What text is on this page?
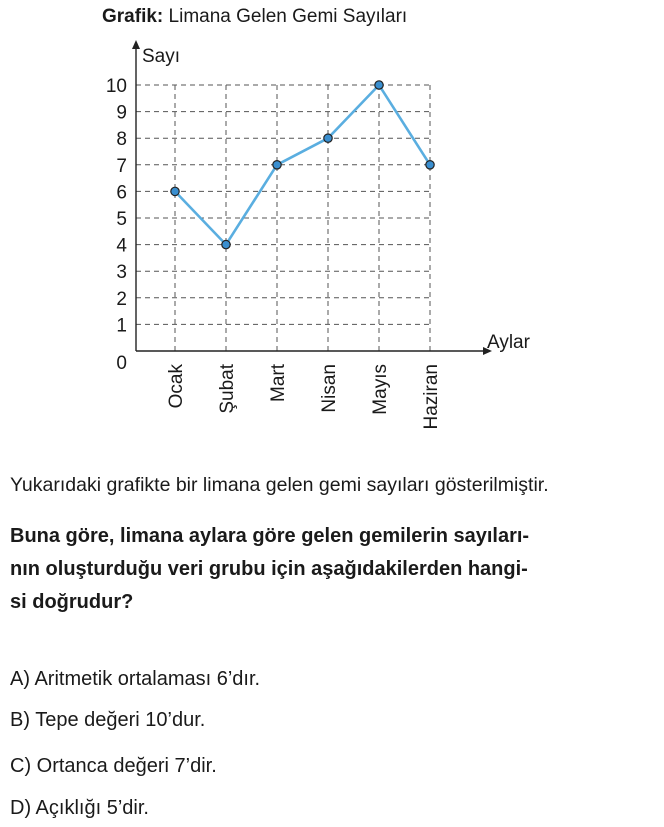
Grafik: Limana Gelen Gemi Sayıları
0
1
2
3
4
5
6
7
8
9
10
Sayı
Aylar
Ocak Şubat Mart Nisan Mayıs Haziran
Yukarıdaki grafikte bir limana gelen gemi sayıları gösterilmiştir.
Buna göre, limana aylara göre gelen gemilerin sayıları-
nın oluşturduğu veri grubu için aşağıdakilerden hangi-
si doğrudur?
A) Aritmetik ortalaması 6’dır.
B) Tepe değeri 10’dur.
C) Ortanca değeri 7’dir.
D) Açıklığı 5’dir.
